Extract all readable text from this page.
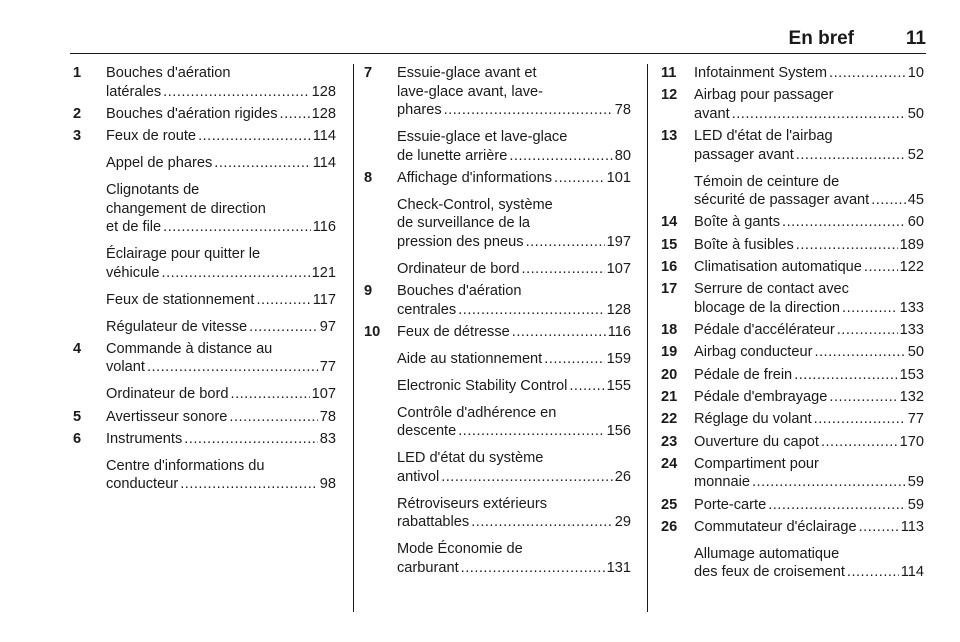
En bref	11
1 Bouches d'aération
latérales .....	128
2 Bouches d'aération rigides ..... 128
3 Feux de route .....	114
Appel de phares .....	114
Clignotants de
changement de direction
et de file .....	116
Éclairage pour quitter le
véhicule .....	121
Feux de stationnement .....	117
Régulateur de vitesse .....	97
4 Commande à distance au
volant .....	77
Ordinateur de bord .....	107
5 Avertisseur sonore .....	78
6 Instruments .....	83
Centre d'informations du
conducteur .....	98
7 Essuie-glace avant et
lave-glace avant, lave-
phares .....	78
Essuie-glace et lave-glace
de lunette arrière .....	80
8 Affichage d'informations .....	101
Check-Control, système
de surveillance de la
pression des pneus .....	197
Ordinateur de bord .....	107
9 Bouches d'aération
centrales .....	128
10 Feux de détresse .....	116
Aide au stationnement .....	159
Electronic Stability Control .....	155
Contrôle d'adhérence en
descente .....	156
LED d'état du système
antivol .....	26
Rétroviseurs extérieurs
rabattables .....	29
Mode Économie de
carburant .....	131
11 Infotainment System .....	10
12 Airbag pour passager
avant .....	50
13 LED d'état de l'airbag
passager avant .....	52
Témoin de ceinture de
sécurité de passager avant .....	45
14 Boîte à gants .....	60
15 Boîte à fusibles .....	189
16 Climatisation automatique .....	122
17 Serrure de contact avec
blocage de la direction .....	133
18 Pédale d'accélérateur .....	133
19 Airbag conducteur .....	50
20 Pédale de frein .....	153
21 Pédale d'embrayage .....	132
22 Réglage du volant .....	77
23 Ouverture du capot .....	170
24 Compartiment pour
monnaie .....	59
25 Porte-carte .....	59
26 Commutateur d'éclairage .....	113
Allumage automatique
des feux de croisement .....	114
